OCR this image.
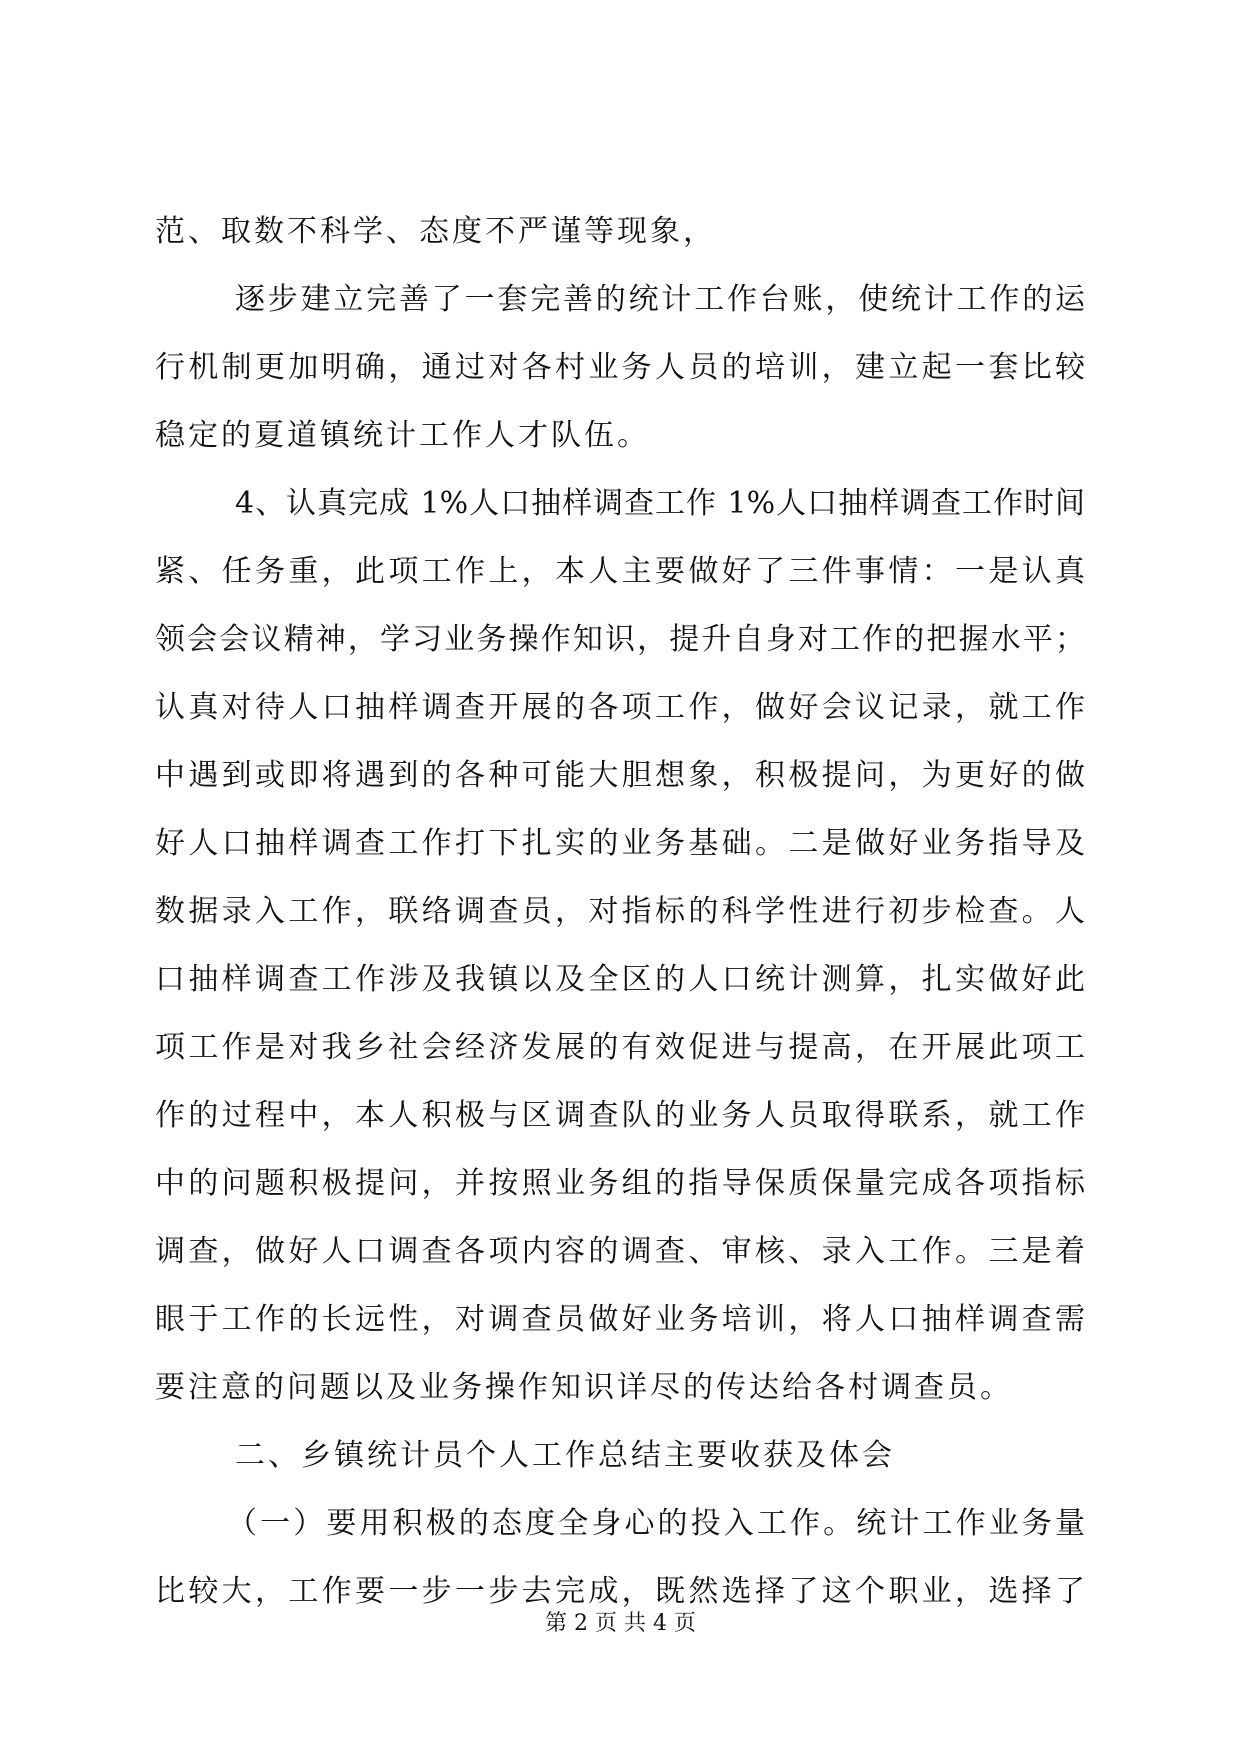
范、取数不科学、态度不严谨等现象，
逐步建立完善了一套完善的统计工作台账，使统计工作的运
行机制更加明确，通过对各村业务人员的培训，建立起一套比较
稳定的夏道镇统计工作人才队伍。
4、认真完成 1%人口抽样调查工作 1%人口抽样调查工作时间
紧、任务重，此项工作上，本人主要做好了三件事情：一是认真
领会会议精神，学习业务操作知识，提升自身对工作的把握水平；
认真对待人口抽样调查开展的各项工作，做好会议记录，就工作
中遇到或即将遇到的各种可能大胆想象，积极提问，为更好的做
好人口抽样调查工作打下扎实的业务基础。二是做好业务指导及
数据录入工作，联络调查员，对指标的科学性进行初步检查。人
口抽样调查工作涉及我镇以及全区的人口统计测算，扎实做好此
项工作是对我乡社会经济发展的有效促进与提高，在开展此项工
作的过程中，本人积极与区调查队的业务人员取得联系，就工作
中的问题积极提问，并按照业务组的指导保质保量完成各项指标
调查，做好人口调查各项内容的调查、审核、录入工作。三是着
眼于工作的长远性，对调查员做好业务培训，将人口抽样调查需
要注意的问题以及业务操作知识详尽的传达给各村调查员。
二、乡镇统计员个人工作总结主要收获及体会
（一）要用积极的态度全身心的投入工作。统计工作业务量
比较大，工作要一步一步去完成，既然选择了这个职业，选择了
第 2 页 共 4 页
